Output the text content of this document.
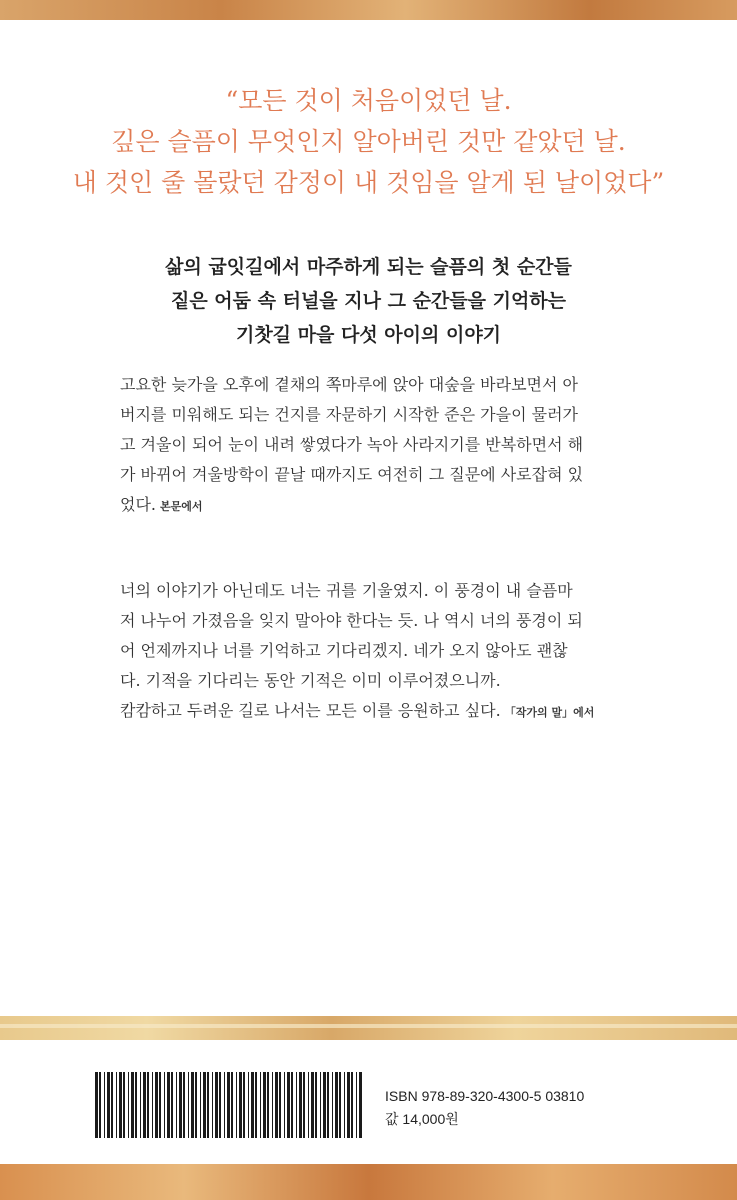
“모든 것이 처음이었던 날.
깊은 슬픔이 무엇인지 알아버린 것만 같았던 날.
내 것인 줄 몰랐던 감정이 내 것임을 알게 된 날이었다”
삶의 굽잇길에서 마주하게 되는 슬픔의 첫 순간들
짙은 어둠 속 터널을 지나 그 순간들을 기억하는
기찻길 마을 다섯 아이의 이야기
고요한 늦가을 오후에 곁채의 쪽마루에 앉아 대숲을 바라보면서 아
버지를 미워해도 되는 건지를 자문하기 시작한 준은 가을이 물러가
고 겨울이 되어 눈이 내려 쌓였다가 녹아 사라지기를 반복하면서 해
가 바뀌어 겨울방학이 끝날 때까지도 여전히 그 질문에 사로잡혀 있
었다. 본문에서
너의 이야기가 아닌데도 너는 귀를 기울였지. 이 풍경이 내 슬픔마
저 나누어 가졌음을 잊지 말아야 한다는 듯. 나 역시 너의 풍경이 되
어 언제까지나 너를 기억하고 기다리겠지. 네가 오지 않아도 괜찮
다. 기적을 기다리는 동안 기적은 이미 이루어졌으니까.
캄캄하고 두려운 길로 나서는 모든 이를 응원하고 싶다. 「작가의 말」에서
ISBN 978-89-320-4300-5 03810
값 14,000원
